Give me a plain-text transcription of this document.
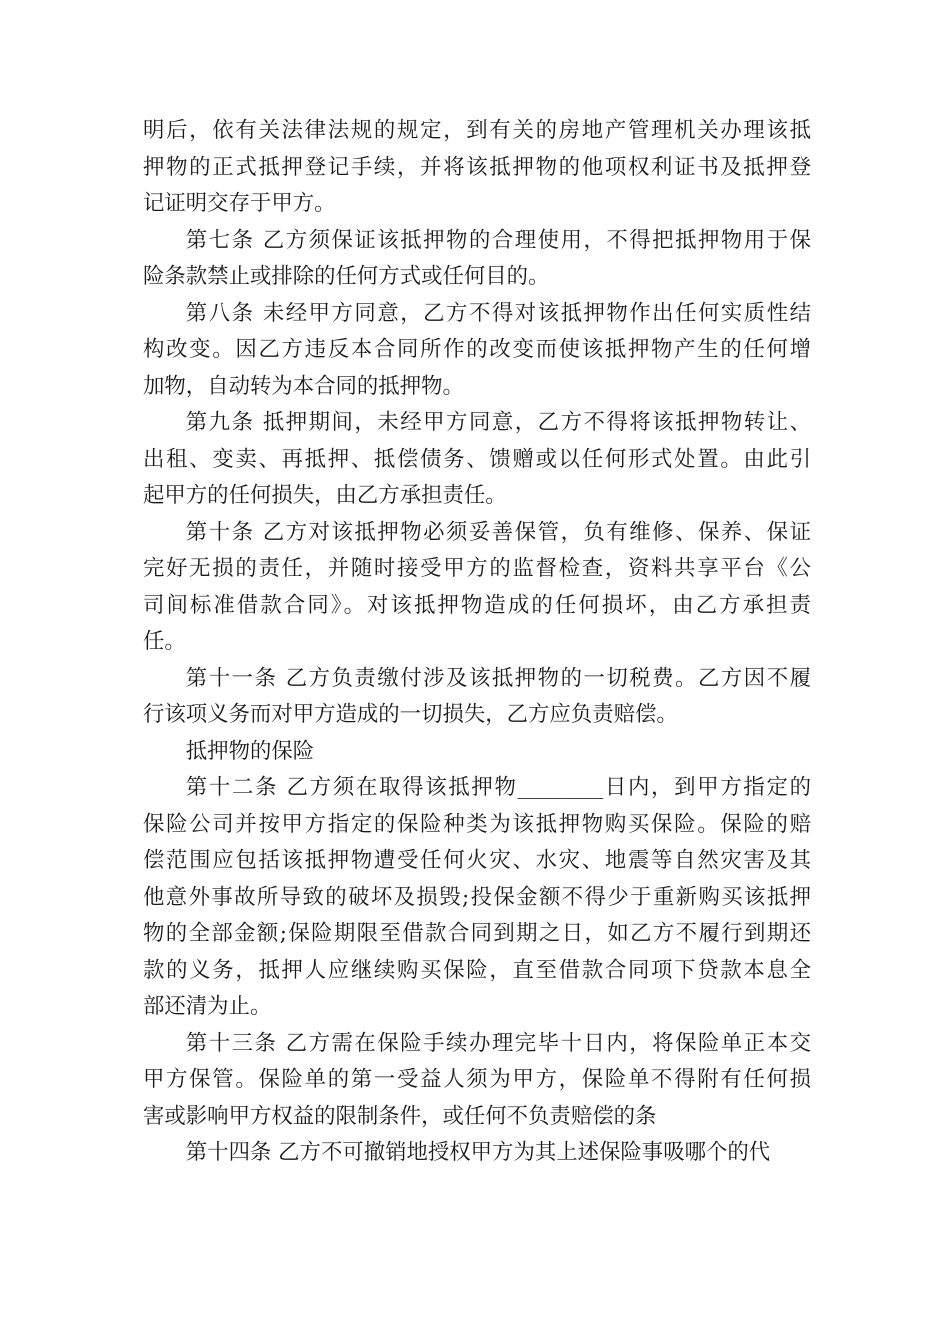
明后，依有关法律法规的规定，到有关的房地产管理机关办理该抵
押物的正式抵押登记手续，并将该抵押物的他项权利证书及抵押登
记证明交存于甲方。
第七条 乙方须保证该抵押物的合理使用，不得把抵押物用于保
险条款禁止或排除的任何方式或任何目的。
第八条 未经甲方同意，乙方不得对该抵押物作出任何实质性结
构改变。因乙方违反本合同所作的改变而使该抵押物产生的任何增
加物，自动转为本合同的抵押物。
第九条 抵押期间，未经甲方同意，乙方不得将该抵押物转让、
出租、变卖、再抵押、抵偿债务、馈赠或以任何形式处置。由此引
起甲方的任何损失，由乙方承担责任。
第十条 乙方对该抵押物必须妥善保管，负有维修、保养、保证
完好无损的责任，并随时接受甲方的监督检查，资料共享平台《公
司间标准借款合同》。对该抵押物造成的任何损坏，由乙方承担责
任。
第十一条 乙方负责缴付涉及该抵押物的一切税费。乙方因不履
行该项义务而对甲方造成的一切损失，乙方应负责赔偿。
抵押物的保险
第十二条 乙方须在取得该抵押物________日内，到甲方指定的
保险公司并按甲方指定的保险种类为该抵押物购买保险。保险的赔
偿范围应包括该抵押物遭受任何火灾、水灾、地震等自然灾害及其
他意外事故所导致的破坏及损毁;投保金额不得少于重新购买该抵押
物的全部金额;保险期限至借款合同到期之日，如乙方不履行到期还
款的义务，抵押人应继续购买保险，直至借款合同项下贷款本息全
部还清为止。
第十三条 乙方需在保险手续办理完毕十日内，将保险单正本交
甲方保管。保险单的第一受益人须为甲方，保险单不得附有任何损
害或影响甲方权益的限制条件，或任何不负责赔偿的条
第十四条 乙方不可撤销地授权甲方为其上述保险事吸哪个的代
